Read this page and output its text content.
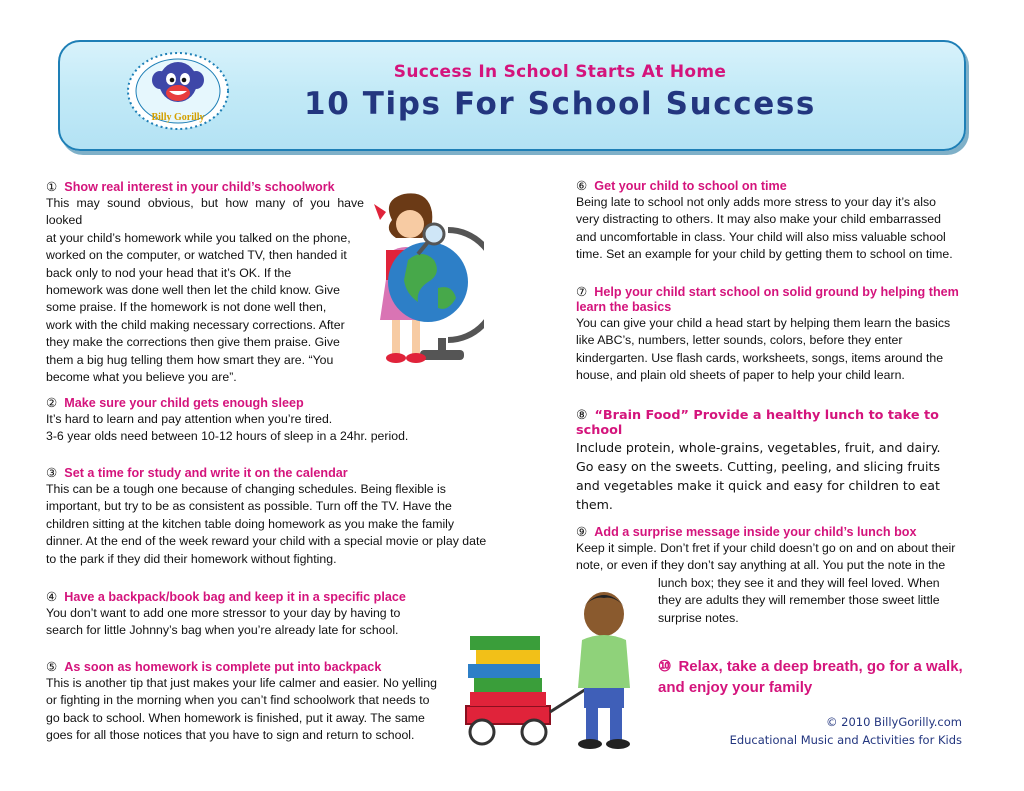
Billy Gorilly
Success In School Starts At Home
10 Tips For School Success
① Show real interest in your child’s schoolwork
This may sound obvious, but how many of you have looked
at your child’s homework while you talked on the phone,
worked on the computer, or watched TV, then handed it
back only to nod your head that it’s OK. If the
homework was done well then let the child know. Give
some praise. If the homework is not done well then,
work with the child making necessary corrections. After
they make the corrections then give them praise. Give
them a big hug telling them how smart they are. “You
become what you believe you are”.
② Make sure your child gets enough sleep
It’s hard to learn and pay attention when you’re tired.
3-6 year olds need between 10-12 hours of sleep in a 24hr. period.
③ Set a time for study and write it on the calendar
This can be a tough one because of changing schedules. Being flexible is
important, but try to be as consistent as possible. Turn off the TV. Have the
children sitting at the kitchen table doing homework as you make the family
dinner. At the end of the week reward your child with a special movie or play date
to the park if they did their homework without fighting.
④ Have a backpack/book bag and keep it in a specific place
You don’t want to add one more stressor to your day by having to
search for little Johnny’s bag when you’re already late for school.
⑤ As soon as homework is complete put into backpack
This is another tip that just makes your life calmer and easier. No yelling
or fighting in the morning when you can’t find schoolwork that needs to
go back to school. When homework is finished, put it away. The same
goes for all those notices that you have to sign and return to school.
⑥ Get your child to school on time
Being late to school not only adds more stress to your day it’s also
very distracting to others. It may also make your child embarrassed
and uncomfortable in class. Your child will also miss valuable school
time. Set an example for your child by getting them to school on time.
⑦ Help your child start school on solid ground by helping them
learn the basics
You can give your child a head start by helping them learn the basics
like ABC’s, numbers, letter sounds, colors, before they enter
kindergarten. Use flash cards, worksheets, songs, items around the
house, and plain old sheets of paper to help your child learn.
⑧ “Brain Food” Provide a healthy lunch to take to school
Include protein, whole-grains, vegetables, fruit, and dairy.
Go easy on the sweets. Cutting, peeling, and slicing fruits
and vegetables make it quick and easy for children to eat
them.
⑨ Add a surprise message inside your child’s lunch box
Keep it simple. Don’t fret if your child doesn’t go on and on about their
note, or even if they don’t say anything at all. You put the note in the
lunch box; they see it and they will feel loved. When
they are adults they will remember those sweet little
surprise notes.
⑩ Relax, take a deep breath, go for a walk,
and enjoy your family
© 2010 BillyGorilly.com
Educational Music and Activities for Kids
